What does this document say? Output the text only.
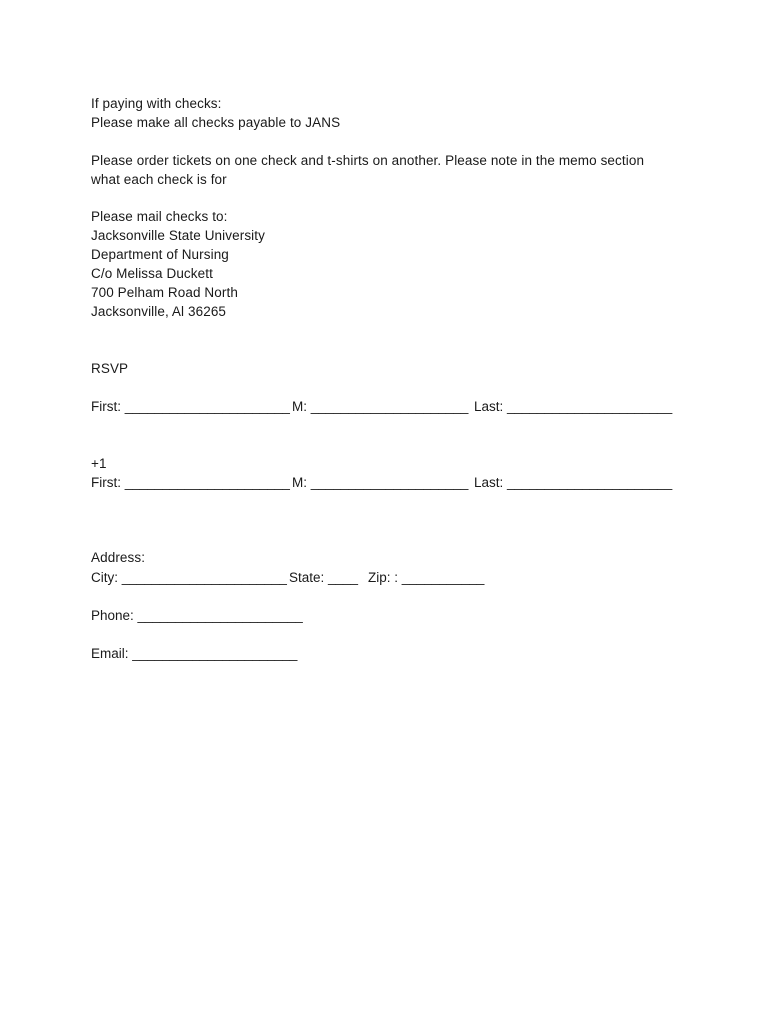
If paying with checks:
Please make all checks payable to JANS
Please order tickets on one check and t-shirts on another. Please note in the memo section
what each check is for
Please mail checks to:
Jacksonville State University
Department of Nursing
C/o Melissa Duckett
700 Pelham Road North
Jacksonville, Al 36265
RSVP
First: ______________________ M: _____________________ Last: ______________________
+1
First: ______________________ M: _____________________ Last: ______________________
Address:
City: ______________________ State: ____ Zip: : ___________
Phone: ______________________
Email: ______________________
